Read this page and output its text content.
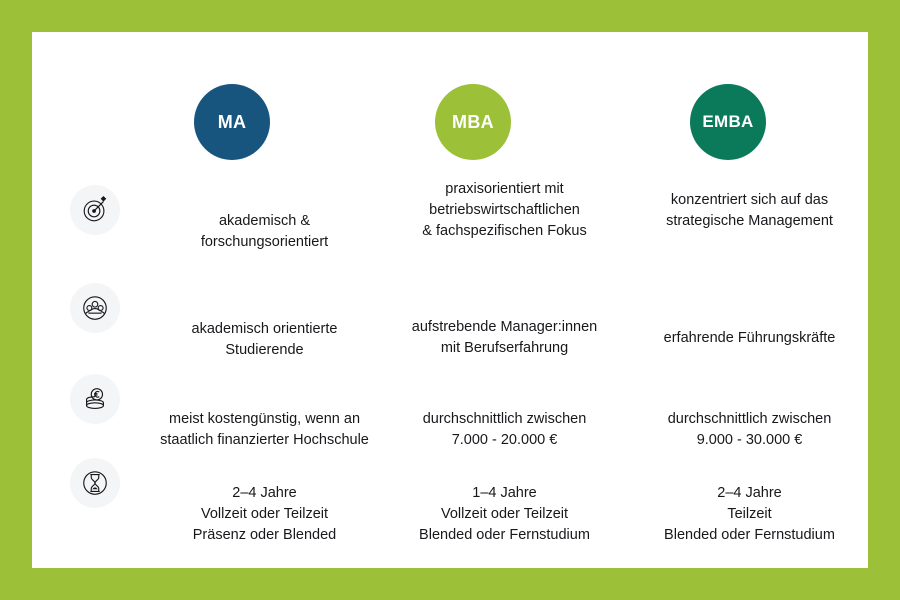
MA	MBA	EMBA
akademisch &
forschungsorientiert
praxisorientiert mit
betriebswirtschaftlichen
& fachspezifischen Fokus
konzentriert sich auf das
strategische Management
akademisch orientierte
Studierende
aufstrebende Manager:innen
mit Berufserfahrung
erfahrende Führungskräfte
meist kostengünstig, wenn an
staatlich finanzierter Hochschule
durchschnittlich zwischen
7.000 - 20.000 €
durchschnittlich zwischen
9.000 - 30.000 €
2–4 Jahre
Vollzeit oder Teilzeit
Präsenz oder Blended
1–4 Jahre
Vollzeit oder Teilzeit
Blended oder Fernstudium
2–4 Jahre
Teilzeit
Blended oder Fernstudium
